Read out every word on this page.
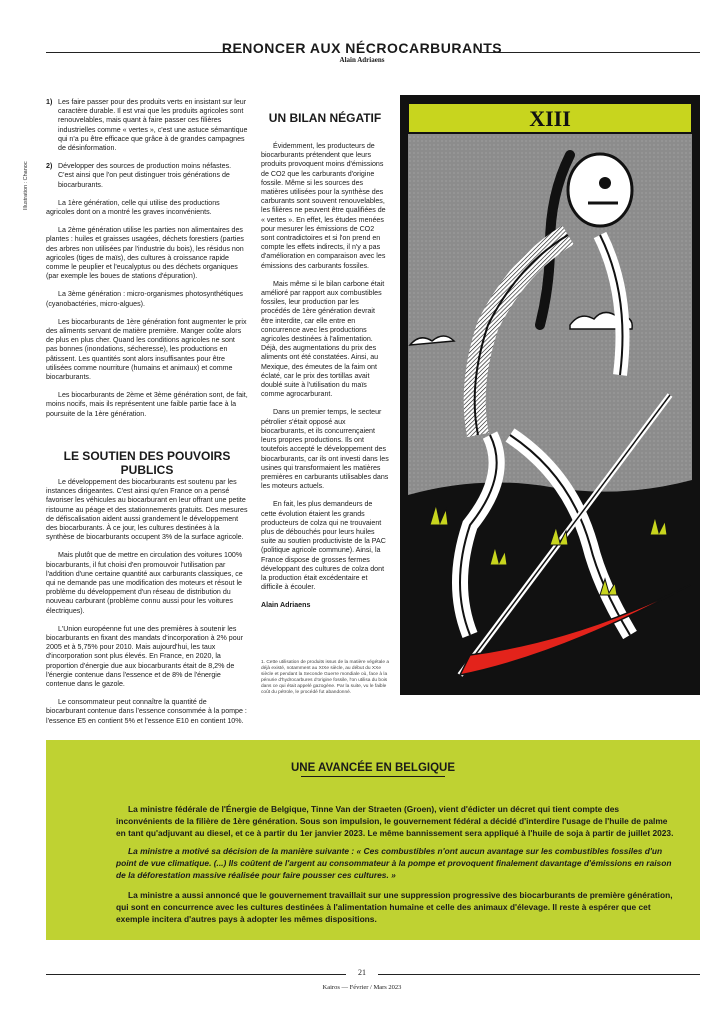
RENONCER AUX NÉCROCARBURANTS
Alain Adriaens
Illustration : Chanoc

1) Les faire passer pour des produits verts en insistant sur leur caractère durable. Il est vrai que les produits agricoles sont renouvelables, mais quant à faire passer ces filières industrielles comme « vertes », c'est une astuce sémantique qui n'a pu être efficace que grâce à de grandes campagnes de désinformation.

2) Développer des sources de production moins néfastes. C'est ainsi que l'on peut distinguer trois générations de biocarburants.

La 1ère génération, celle qui utilise des productions agricoles dont on a montré les graves inconvénients.

La 2ème génération utilise les parties non alimentaires des plantes : huiles et graisses usagées, déchets forestiers (parties des arbres non utilisées par l'industrie du bois), les résidus non agricoles (tiges de maïs), des cultures à croissance rapide comme le peuplier et l'eucalyptus ou des déchets organiques (par exemple les boues de stations d'épuration).

La 3ème génération : micro-organismes photosynthétiques (cyanobactéries, micro-algues).

Les biocarburants de 1ère génération font augmenter le prix des aliments servant de matière première. Manger coûte alors de plus en plus cher. Quand les conditions agricoles ne sont pas bonnes (inondations, sécheresse), les productions en pâtissent. Les quantités sont alors insuffisantes pour être utilisées comme nourriture (humains et animaux) et comme biocarburants.

Les biocarburants de 2ème et 3ème génération sont, de fait, moins nocifs, mais ils représentent une faible partie face à la poursuite de la 1ère génération.

LE SOUTIEN DES POUVOIRS PUBLICS

Le développement des biocarburants est soutenu par les instances dirigeantes. C'est ainsi qu'en France on a pensé favoriser les véhicules au biocarburant en leur offrant une petite ristourne au péage et des stationnements gratuits. Des mesures de défiscalisation aident aussi grandement le développement des biocarburants. À ce jour, les cultures destinées à la synthèse de biocarburants occupent 3% de la surface agricole.

Mais plutôt que de mettre en circulation des voitures 100% biocarburants, il fut choisi d'en promouvoir l'utilisation par l'addition d'une certaine quantité aux carburants classiques, ce qui ne demande pas une modification des moteurs et résout le problème du développement d'un réseau de distribution du nouveau carburant (problème connu aussi pour les voitures électriques).

L'Union européenne fut une des premières à soutenir les biocarburants en fixant des mandats d'incorporation à 2% pour 2005 et à 5,75% pour 2010. Mais aujourd'hui, les taux d'incorporation sont plus élevés. En France, en 2020, la proportion d'énergie due aux biocarburants était de 8,2% de l'énergie contenue dans l'essence et de 8% de l'énergie contenue dans le gazole.

Le consommateur peut connaître la quantité de biocarburant contenue dans l'essence consommée à la pompe : l'essence E5 en contient 5% et l'essence E10 en contient 10%.

UN BILAN NÉGATIF

Évidemment, les producteurs de biocarburants prétendent que leurs produits provoquent moins d'émissions de CO2 que les carburants d'origine fossile. Même si les sources des matières utilisées pour la synthèse des carburants sont souvent renouvelables, les filières ne peuvent être qualifiées de « vertes ». En effet, les études menées pour mesurer les émissions de CO2 sont contradictoires et si l'on prend en compte les effets indirects, il n'y a pas d'amélioration en comparaison avec les émissions des carburants fossiles.

Mais même si le bilan carbone était amélioré par rapport aux combustibles fossiles, leur production par les procédés de 1ère génération devrait être interdite, car elle entre en concurrence avec les productions agricoles destinées à l'alimentation. Déjà, des augmentations du prix des aliments ont été constatées. Ainsi, au Mexique, des émeutes de la faim ont éclaté, car le prix des tortillas avait doublé suite à l'utilisation du maïs comme agrocarburant.

Dans un premier temps, le secteur pétrolier s'était opposé aux biocarburants, et ils concurrençaient leurs propres productions. Ils ont toutefois accepté le développement des biocarburants, car ils ont investi dans les usines qui transformaient les matières premières en carburants utilisables dans les moteurs actuels.

En fait, les plus demandeurs de cette évolution étaient les grands producteurs de colza qui ne trouvaient plus de débouchés pour leurs huiles suite au soutien productiviste de la PAC (politique agricole commune). Ainsi, la France dispose de grosses fermes développant des cultures de colza dont la production était excédentaire et difficile à écouler.

Alain Adriaens

1. Cette utilisation de produits issus de la matière végétale a déjà existé, notamment au XIXe siècle, au début du XXe siècle et pendant la Seconde Guerre mondiale où, face à la pénurie d'hydrocarbures d'origine fossile, l'on utilisa du bois dans ce qui était appelé gazogène. Par la suite, vu le faible coût du pétrole, le procédé fut abandonné.
XIII
UNE AVANCÉE EN BELGIQUE

La ministre fédérale de l'Énergie de Belgique, Tinne Van der Straeten (Groen), vient d'édicter un décret qui tient compte des inconvénients de la filière de 1ère génération. Sous son impulsion, le gouvernement fédéral a décidé d'interdire l'usage de l'huile de palme en tant qu'adjuvant au diesel, et ce à partir du 1er janvier 2023. Le même bannissement sera appliqué à l'huile de soja à partir de juillet 2023.

La ministre a motivé sa décision de la manière suivante : « Ces combustibles n'ont aucun avantage sur les combustibles fossiles d'un point de vue climatique. (...) Ils coûtent de l'argent au consommateur à la pompe et provoquent finalement davantage d'émissions en raison de la déforestation massive réalisée pour faire pousser ces cultures. »

La ministre a aussi annoncé que le gouvernement travaillait sur une suppression progressive des biocarburants de première génération, qui sont en concurrence avec les cultures destinées à l'alimentation humaine et celle des animaux d'élevage. Il reste à espérer que cet exemple incitera d'autres pays à adopter les mêmes dispositions.

21
Kairos — Février / Mars 2023
